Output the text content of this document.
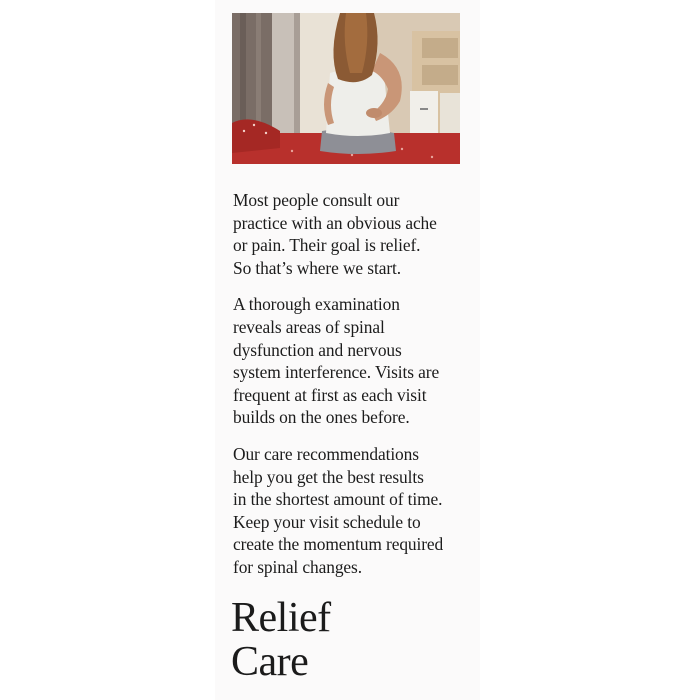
Most people consult our
practice with an obvious ache
or pain. Their goal is relief.
So that’s where we start.

A thorough examination
reveals areas of spinal
dysfunction and nervous
system interference. Visits are
frequent at first as each visit
builds on the ones before.

Our care recommendations
help you get the best results
in the shortest amount of time.
Keep your visit schedule to
create the momentum required
for spinal changes.

Relief
Care
